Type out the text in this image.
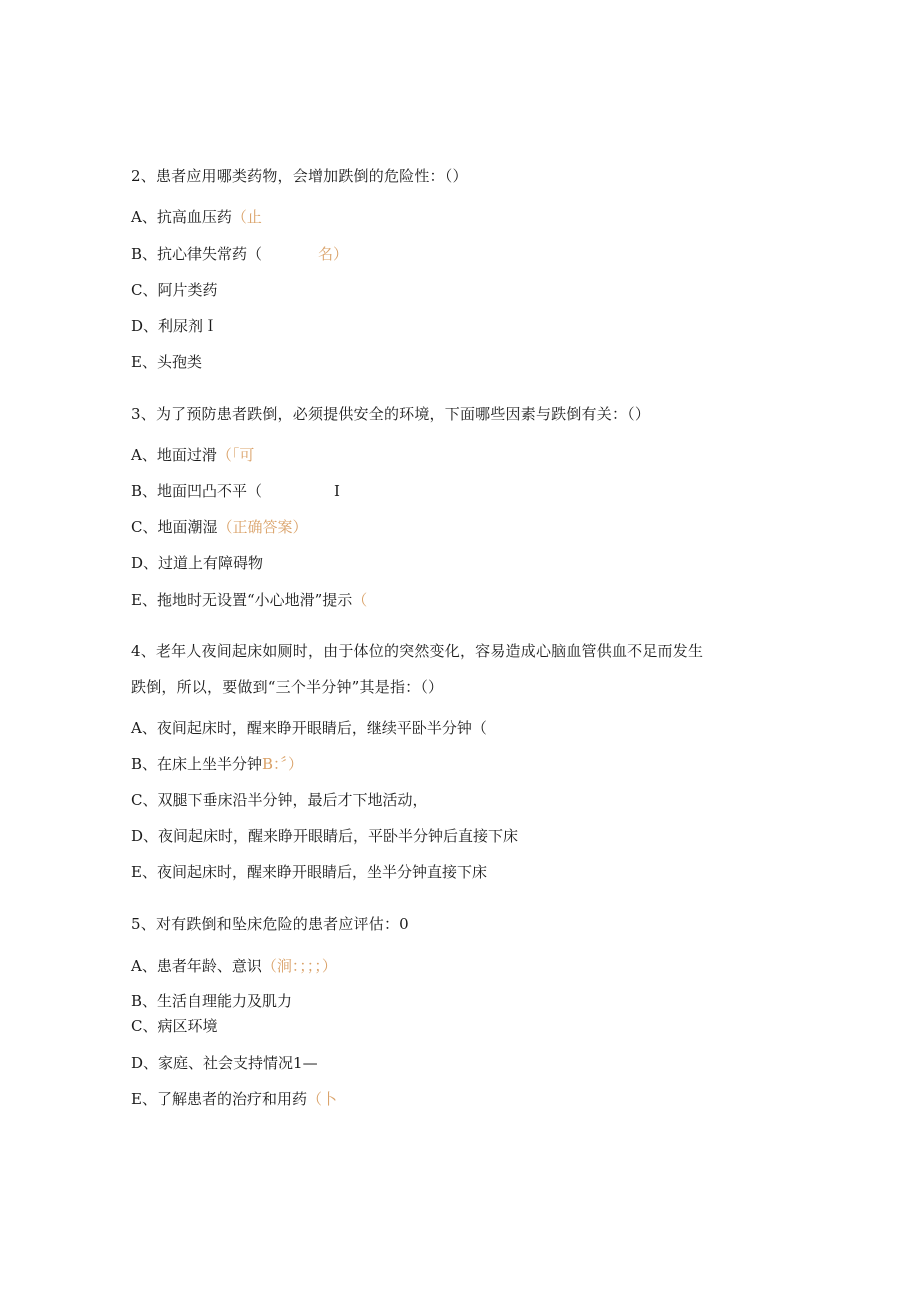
2、患者应用哪类药物，会增加跌倒的危险性：（）
A、抗高血压药（止
B、抗心律失常药（	名）
C、阿片类药
D、利尿剂Ｉ
E、头孢类
3、为了预防患者跌倒，必须提供安全的环境，下面哪些因素与跌倒有关：（）
A、地面过滑（「可
B、地面凹凸不平（	I
C、地面潮湿（正确答案）
D、过道上有障碍物
E、拖地时无设置“小心地滑”提示（
4、老年人夜间起床如厕时，由于体位的突然变化，容易造成心脑血管供血不足而发生
跌倒，所以，要做到“三个半分钟”其是指：（）
A、夜间起床时，醒来睁开眼睛后，继续平卧半分钟（
B、在床上坐半分钟B：〞）
C、双腿下垂床沿半分钟，最后才下地活动，
D、夜间起床时，醒来睁开眼睛后，平卧半分钟后直接下床
E、夜间起床时，醒来睁开眼睛后，坐半分钟直接下床
5、对有跌倒和坠床危险的患者应评估：0
A、患者年龄、意识（涧：；；；）
B、生活自理能力及肌力
C、病区环境
D、家庭、社会支持情况1—
E、了解患者的治疗和用药（卜
